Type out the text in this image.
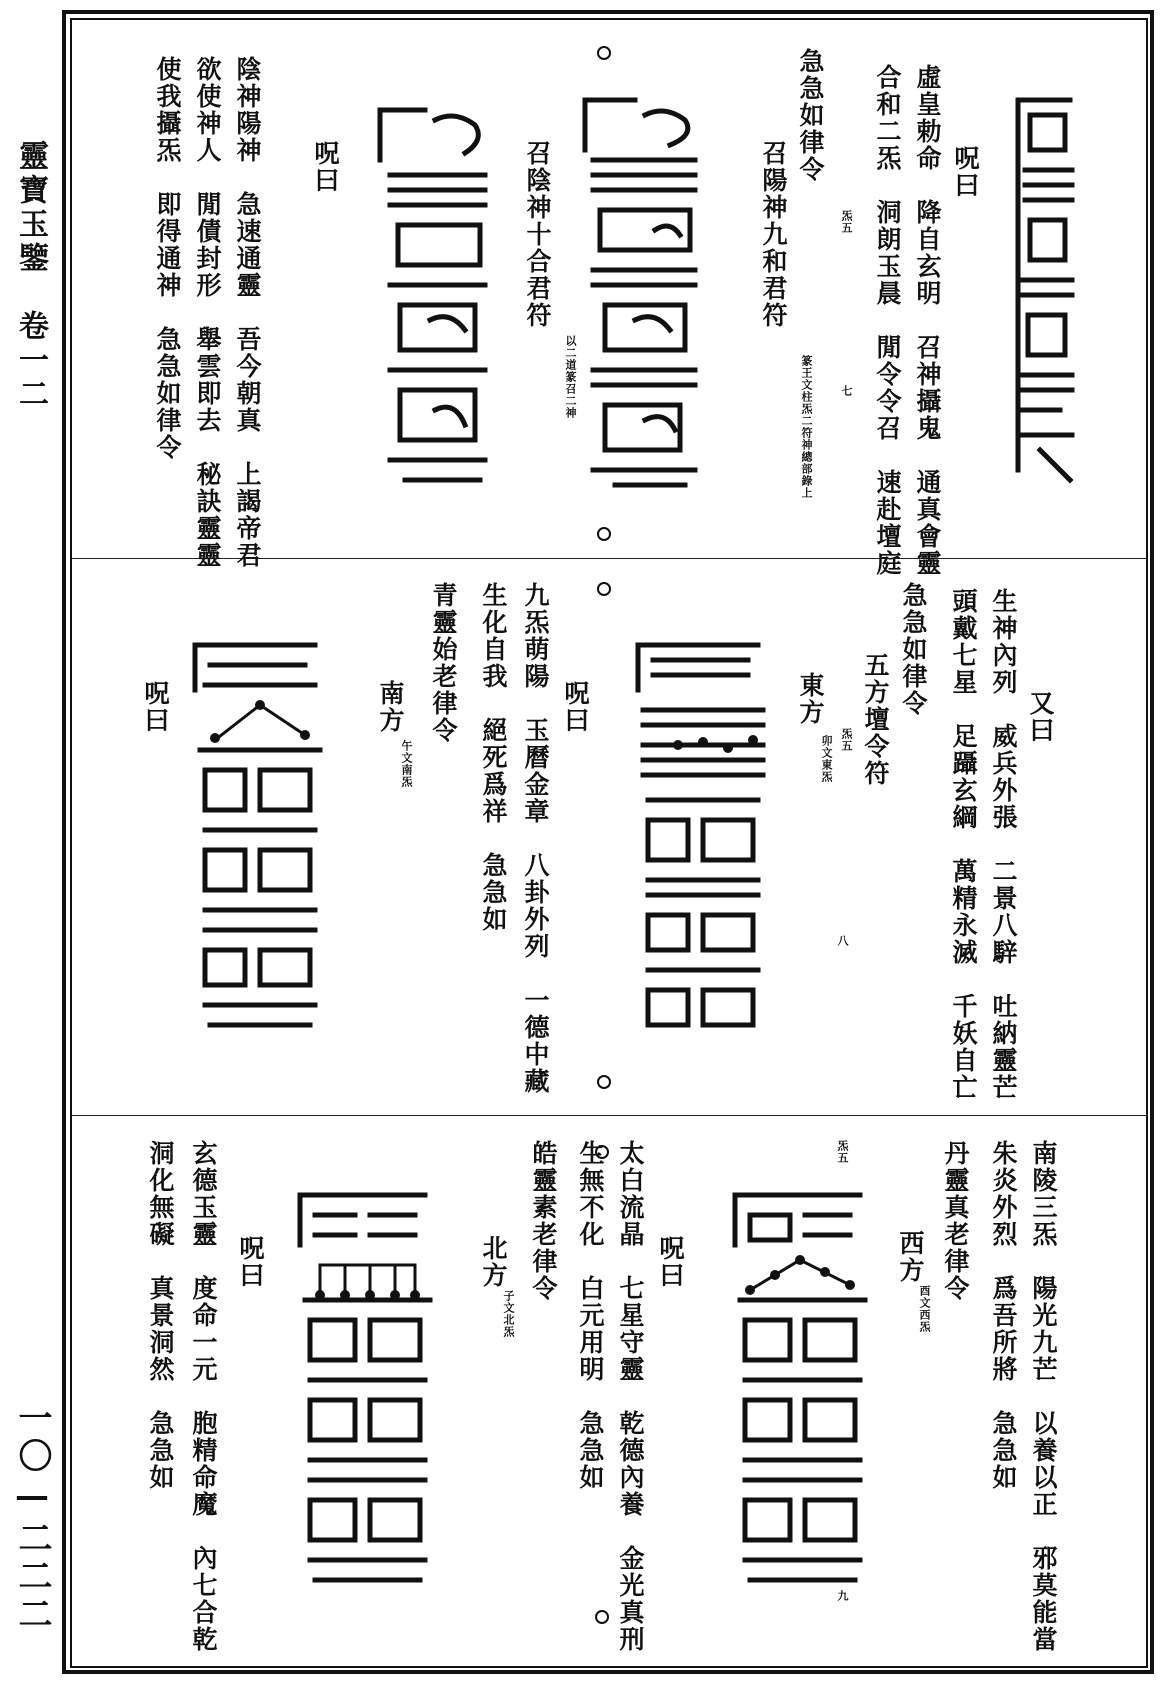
靈寶玉鑒　卷一二
一〇—二二二
虛皇勅命　降自玄明　召神攝鬼　通真會靈
合和二炁　洞朗玉晨　閒令令召　速赴壇庭
急急如律令	呪曰
炁五
七
召陽神九和君符
篆王文柱炁二符神總部錄上
召陰神十合君符
以二道篆召二神
呪曰
陰神陽神　急速通靈　吾今朝真　上謁帝君
欲使神人　閒債封形　舉雲即去　秘訣靈靈
使我攝炁　即得通神　急急如律令
又曰
生神內列　威兵外張　二景八騂　吐納靈芒
頭戴七星　足躡玄綱　萬精永滅　千妖自亡
急急如律令
五方壇令符
炁五
東方
卯文東炁
八
呪曰
九炁萌陽　玉曆金章　八卦外列　一德中藏
生化自我　絕死爲祥　急急如
青靈始老律令
南方
午文南炁
呪曰
南陵三炁　陽光九芒　以養以正　邪莫能當
朱炎外烈　爲吾所將　急急如
丹靈真老律令
西方
酉文西炁
炁五
九
呪曰
太白流晶　七星守靈　乾德內養　金光真刑
生無不化　白元用明　急急如
皓靈素老律令
北方
子文北炁
呪曰
玄德玉靈　度命一元　胞精命魔　內七合乾
洞化無礙　真景洞然　急急如
